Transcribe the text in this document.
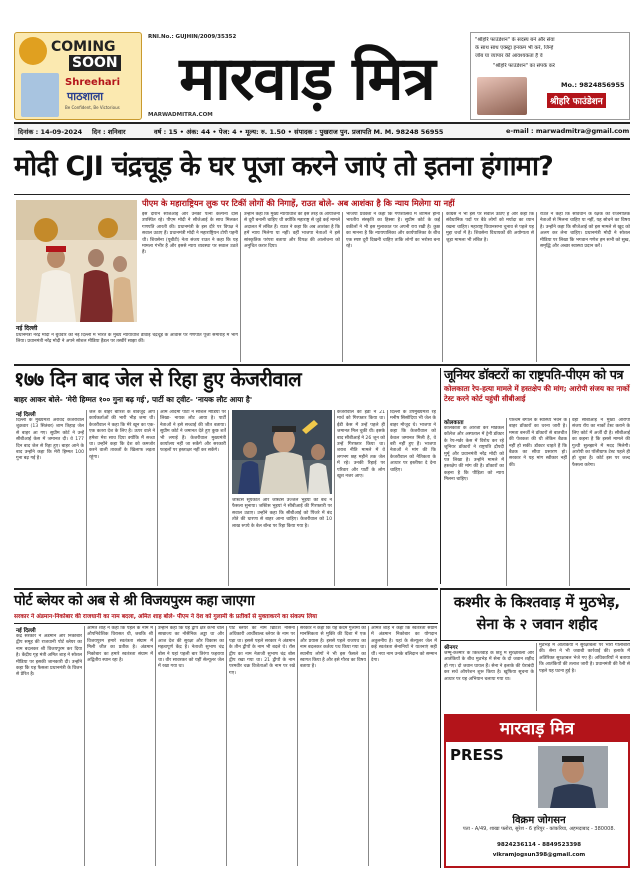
COMING
SOON
Shreehari
पाठशाला
Be Confident, Be Victorious
RNI.No.: GUJHIN/2009/35352
मारवाड़ मित्र
MARWADMITRA.COM
"श्रीहरि फाउंडेशन" के सदस्य बनें और सेवा
के साथ साथ एक्स्ट्रा इनकम भी करें, जिन्हें
जॉब या व्यापार की आवश्यकता है वे
"श्रीहरि फाउंडेशन" का संपर्क करें
Mo.: 9824856955
श्रीहरि फाउंडेशन
दिनांक : 14-09-2024 दिन : शनिवार	वर्ष : 15 • अंक: 44 • पेज: 4 • मूल्य: रु. 1.50 • संपादक : पुखराज पुन. प्रजापति M. M. 98248 56955	e-mail : marwadmitra@gmail.com
मोदी CJI चंद्रचूड़ के घर पूजा करने जाएं तो इतना हंगामा?
पीएम के महाराष्ट्रियन लुक पर टिकीं लोगों की निगाहें, राउत बोले- अब आशंका है कि न्याय मिलेगा या नहीं
नई दिल्ली
प्रधानमंत्री नरेंद्र मोदी ने बुधवार को नई दिल्ली में भारत के मुख्य न्यायाधीश डीवाई चंद्रचूड़ के आवास पर गणपति पूजा समारोह में भाग लिया। प्रधानमंत्री नरेंद्र मोदी ने अपने सोशल मीडिया हैंडल पर तस्वीरें साझा कीं।
इस दौरान सीजेआई और उनकी पत्नी कल्पना दास उपस्थित रहे। पीएम मोदी ने सीजेआई के साथ मिलकर गणपति आरती की। प्रधानमंत्री के इस दौरे पर विपक्ष ने सवाल उठाए हैं। प्रधानमंत्री मोदी ने महाराष्ट्रियन टोपी पहनी थी। शिवसेना (यूबीटी) नेता संजय राउत ने कहा कि यह मामला गंभीर है और इससे न्याय व्यवस्था पर सवाल उठते हैं।
उन्होंने कहा कि मुख्य न्यायाधीश को इस तरह के आयोजनों से दूरी बनानी चाहिए थी क्योंकि महाराष्ट्र से जुड़े कई मामले अदालत में लंबित हैं। राउत ने कहा कि अब आशंका है कि हमें न्याय मिलेगा या नहीं। वहीं भाजपा नेताओं ने इसे सांस्कृतिक परंपरा बताया और विपक्ष की आलोचना को अनुचित करार दिया।
भाजपा प्रवक्ता ने कहा कि गणेशोत्सव में शामिल होना भारतीय संस्कृति का हिस्सा है। सुप्रीम कोर्ट के कई वकीलों ने भी इस मुलाकात पर अपनी राय रखी है। कुछ का मानना है कि न्यायपालिका और कार्यपालिका के बीच एक स्पष्ट दूरी दिखनी चाहिए ताकि लोगों का भरोसा बना रहे।
कांग्रेस ने भी इस पर सवाल उठाए हैं और कहा कि संवैधानिक पदों पर बैठे लोगों को मर्यादा का ध्यान रखना चाहिए। महाराष्ट्र विधानसभा चुनाव से पहले यह मुद्दा चर्चा में है। शिवसेना विधायकों की अयोग्यता से जुड़ा मामला भी लंबित है।
राउत ने कहा कि संविधान के रक्षक को राजनीतिक नेताओं से मिलना चाहिए या नहीं, यह सोचने का विषय है। उन्होंने कहा कि सीजेआई को इस मामले से खुद को अलग कर लेना चाहिए। प्रधानमंत्री मोदी ने सोशल मीडिया पर लिखा कि भगवान गणेश हम सभी को सुख, समृद्धि और अच्छा स्वास्थ्य प्रदान करें।
१७७ दिन बाद जेल से रिहा हुए केजरीवाल
बाहर आकर बोले- 'मेरी हिम्मत १०० गुना बढ़ गई', पार्टी का ट्वीट- 'नायक लौट आया है'
नई दिल्ली
दिल्ली के मुख्यमंत्री अरविंद केजरीवाल शुक्रवार (13 सितंबर) शाम तिहाड़ जेल से बाहर आ गए। सुप्रीम कोर्ट ने उन्हें सीबीआई केस में जमानत दी। वे 177 दिन बाद जेल से रिहा हुए। बाहर आने के बाद उन्होंने कहा कि मेरी हिम्मत 100 गुना बढ़ गई है।
जेल के बाहर बारिश के बावजूद आप कार्यकर्ताओं की भारी भीड़ जमा थी। केजरीवाल ने कहा कि मेरे खून का एक-एक कतरा देश के लिए है। ऊपर वाले ने हमेशा मेरा साथ दिया क्योंकि मैं सच्चा था। उन्होंने कहा कि देश को कमजोर करने वाली ताकतों के खिलाफ लड़ता रहूंगा।
आम आदमी पार्टी ने सोशल मीडिया पर लिखा- नायक लौट आया है। पार्टी नेताओं ने इसे सच्चाई की जीत बताया। सुप्रीम कोर्ट ने जमानत देते हुए कुछ शर्तें भी लगाई हैं। केजरीवाल मुख्यमंत्री कार्यालय नहीं जा सकेंगे और सरकारी फाइलों पर हस्ताक्षर नहीं कर सकेंगे।
जस्टिस सूर्यकांत और जस्टिस उज्जल भुइयां की बेंच ने फैसला सुनाया। जस्टिस भुइयां ने सीबीआई की गिरफ्तारी पर सवाल उठाए। उन्होंने कहा कि सीबीआई को पिंजरे में बंद तोते की धारणा से बाहर आना चाहिए। केजरीवाल को 10 लाख रुपये के बेल बॉन्ड पर रिहा किया गया है।
केजरीवाल को ईडी ने 21 मार्च को गिरफ्तार किया था। ईडी केस में उन्हें पहले ही जमानत मिल चुकी थी। इसके बाद सीबीआई ने 26 जून को उन्हें गिरफ्तार किया था। शराब नीति मामले में वे लगभग छह महीने तक जेल में रहे। उनकी रिहाई पर परिवार और पार्टी के लोग खुश नजर आए।
दिल्ली के उपमुख्यमंत्री रहे मनीष सिसोदिया भी जेल के बाहर मौजूद थे। भाजपा ने कहा कि केजरीवाल को केवल जमानत मिली है, वे बरी नहीं हुए हैं। भाजपा नेताओं ने मांग की कि केजरीवाल को नैतिकता के आधार पर इस्तीफा दे देना चाहिए।
जूनियर डॉक्टरों का राष्ट्रपति-पीएम को पत्र
कोलकाता रेप-हत्या मामले में हस्तक्षेप की मांग; आरोपी संजय का नार्को टेस्ट करने कोर्ट पहुंची सीबीआई
कोलकाता
कोलकाता के आरजी कर मेडिकल कॉलेज और अस्पताल में ट्रेनी डॉक्टर के रेप-मर्डर केस में विरोध कर रहे जूनियर डॉक्टरों ने राष्ट्रपति द्रौपदी मुर्मू और प्रधानमंत्री नरेंद्र मोदी को पत्र लिखा है। उन्होंने मामले में हस्तक्षेप की मांग की है। डॉक्टरों का कहना है कि पीड़िता को न्याय मिलना चाहिए।
पश्चिम बंगाल के स्वास्थ्य भवन के बाहर डॉक्टरों का धरना जारी है। ममता बनर्जी ने डॉक्टरों से बातचीत की पेशकश की थी लेकिन बैठक नहीं हो सकी। डॉक्टर चाहते हैं कि बैठक का सीधा प्रसारण हो। सरकार ने यह मांग स्वीकार नहीं की।
वहीं सीबीआई ने मुख्य आरोपी संजय रॉय का नार्को टेस्ट कराने के लिए कोर्ट में अर्जी दी है। सीबीआई का कहना है कि इससे मामले की गुत्थी सुलझाने में मदद मिलेगी। आरोपी का पॉलीग्राफ टेस्ट पहले ही हो चुका है। कोर्ट इस पर जल्द फैसला करेगा।
कश्मीर के किश्तवाड़ में मुठभेड़, सेना के २ जवान शहीद
श्रीनगर
जम्मू-कश्मीर के किश्तवाड़ के छत्रू में सुरक्षाबलों और आतंकियों के बीच मुठभेड़ में सेना के दो जवान शहीद हो गए। दो जवान घायल हैं। सेना ने इलाके की घेराबंदी कर सर्च ऑपरेशन शुरू किया है। खुफिया सूचना के आधार पर यह अभियान चलाया गया था।
मुठभेड़ में आतंकियों ने सुरक्षाबलों पर भारी गोलीबारी की। सेना ने भी जवाबी कार्रवाई की। इलाके में अतिरिक्त सुरक्षाबल भेजे गए हैं। अधिकारियों ने बताया कि आतंकियों की तलाश जारी है। प्रधानमंत्री की रैली से पहले यह घटना हुई है।
पोर्ट ब्लेयर को अब से श्री विजयपुरम कहा जाएगा
सरकार ने अंडमान-निकोबार की राजधानी का नाम बदला, अमित शाह बोले- पीएम ने देश को गुलामी के प्रतीकों से मुक्ताकरने का संकल्प लिया
नई दिल्ली
केंद्र सरकार ने अंडमान और निकोबार द्वीप समूह की राजधानी पोर्ट ब्लेयर का नाम बदलकर श्री विजयपुरम कर दिया है। केंद्रीय गृह मंत्री अमित शाह ने सोशल मीडिया पर इसकी जानकारी दी। उन्होंने कहा कि यह फैसला प्रधानमंत्री के विजन से प्रेरित है।
अमित शाह ने कहा कि पहले के नाम में औपनिवेशिक विरासत थी, जबकि श्री विजयपुरम हमारे स्वतंत्रता संग्राम में मिली जीत का प्रतीक है। अंडमान निकोबार का हमारे स्वतंत्रता संग्राम में अद्वितीय स्थान रहा है।
उन्होंने कहा कि यह द्वीप क्षेत्र कभी चोल साम्राज्य का नौसैनिक अड्डा था और आज देश की सुरक्षा और विकास का महत्वपूर्ण केंद्र है। नेताजी सुभाष चंद्र बोस ने यहां पहली बार तिरंगा फहराया था। वीर सावरकर को यहीं सेल्यूलर जेल में रखा गया था।
पोर्ट ब्लेयर का नाम ब्रिटिश नौसेना अधिकारी आर्चीबाल्ड ब्लेयर के नाम पर पड़ा था। इससे पहले सरकार ने अंडमान के तीन द्वीपों के नाम भी बदले थे। रॉस द्वीप का नाम नेताजी सुभाष चंद्र बोस द्वीप रखा गया था। 21 द्वीपों के नाम परमवीर चक्र विजेताओं के नाम पर रखे गए।
सरकार ने कहा कि यह कदम गुलामी की मानसिकता से मुक्ति की दिशा में एक और प्रयास है। इससे पहले राजपथ का नाम बदलकर कर्तव्य पथ किया गया था। स्थानीय लोगों ने भी इस फैसले का स्वागत किया है और इसे गौरव का विषय बताया है।
अमित शाह ने कहा कि स्वतंत्रता संग्राम में अंडमान निकोबार का योगदान अतुलनीय है। यहां के सेल्यूलर जेल में कई स्वतंत्रता सेनानियों ने यातनाएं सही थीं। नया नाम उनके बलिदान को सम्मान देगा।
मारवाड़ मित्र
PRESS
विक्रम जोगसन
पता - A/49, शाखा फ्लोरा, सुरेश - 6 हरिपुर - कांकरिया, अहमदाबाद - 380008.
9824236114 - 8849523398
vikramjogsun398@gmail.com
